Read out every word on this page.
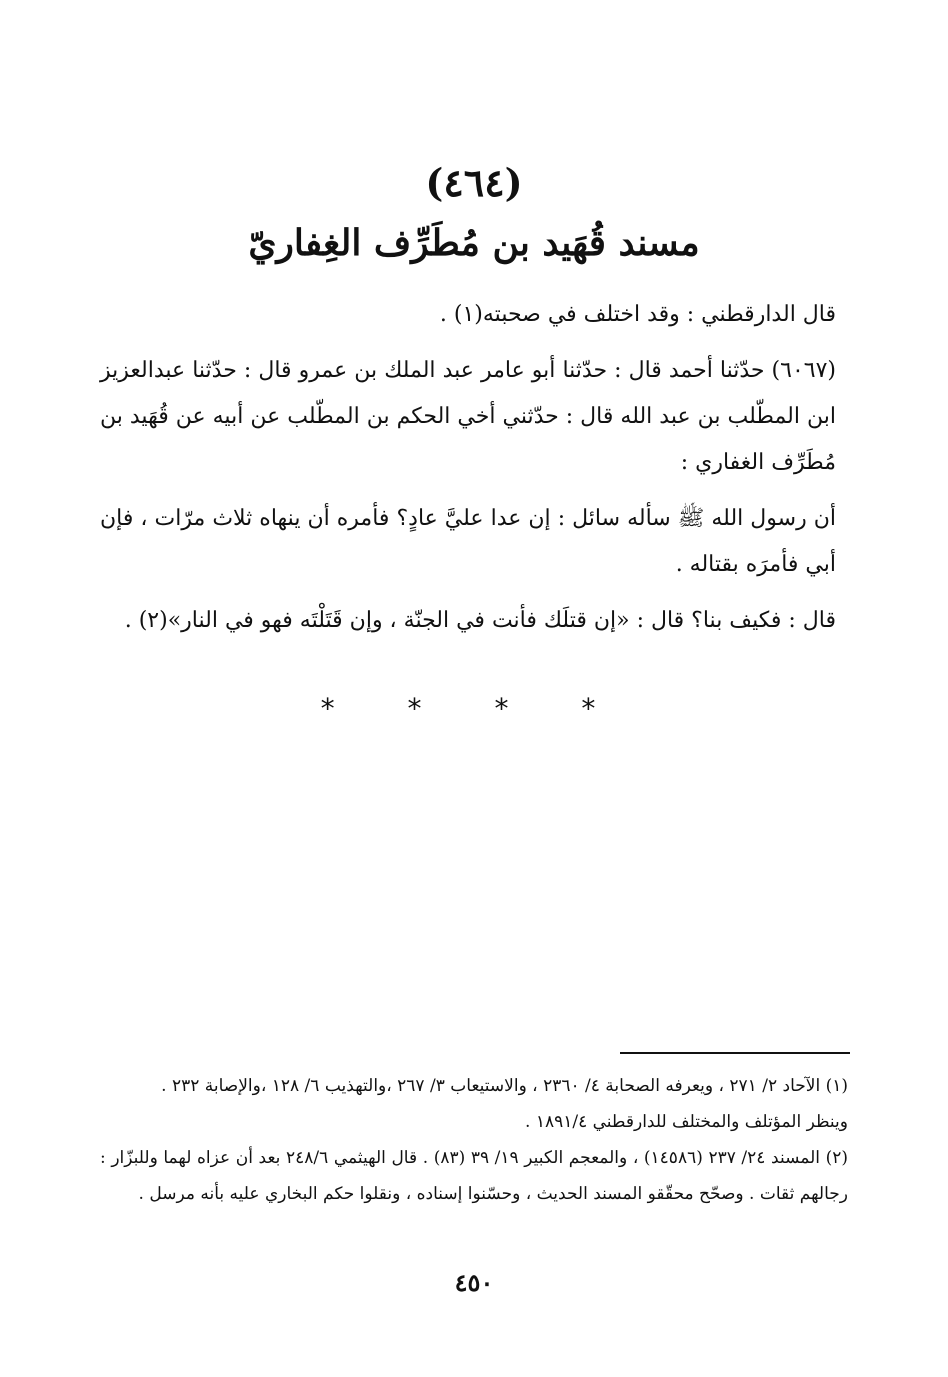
(٤٦٤)
مسند قُهَيد بن مُطَرِّف الغِفاريّ

قال الدارقطني : وقد اختلف في صحبته(١) .

(٦٠٦٧) حدّثنا أحمد قال : حدّثنا أبو عامر عبد الملك بن عمرو قال : حدّثنا عبدالعزيز ابن المطّلب بن عبد الله قال : حدّثني أخي الحكم بن المطّلب عن أبيه عن قُهَيد بن مُطَرِّف الغفاري :

أن رسول الله ﷺ سأله سائل : إن عدا عليَّ عادٍ؟ فأمره أن ينهاه ثلاث مرّات ، فإن أبي فأمرَه بقتاله .

قال : فكيف بنا؟ قال : «إن قتلَك فأنت في الجنّة ، وإن قَتَلْتَه فهو في النار»(٢) .

* * * *

(١) الآحاد ٢/ ٢٧١ ، ويعرفه الصحابة ٤/ ٢٣٦٠ ، والاستيعاب ٣/ ٢٦٧ ،والتهذيب ٦/ ١٢٨ ،والإصابة ٢٣٢ .

وينظر المؤتلف والمختلف للدارقطني ١٨٩١/٤ .

(٢) المسند ٢٤/ ٢٣٧ (١٤٥٨٦) ، والمعجم الكبير ١٩/ ٣٩ (٨٣) . قال الهيثمي ٢٤٨/٦ بعد أن عزاه لهما وللبزّار : رجالهم ثقات . وصحّح محقّقو المسند الحديث ، وحسّنوا إسناده ، ونقلوا حكم البخاري عليه بأنه مرسل .

٤٥٠
